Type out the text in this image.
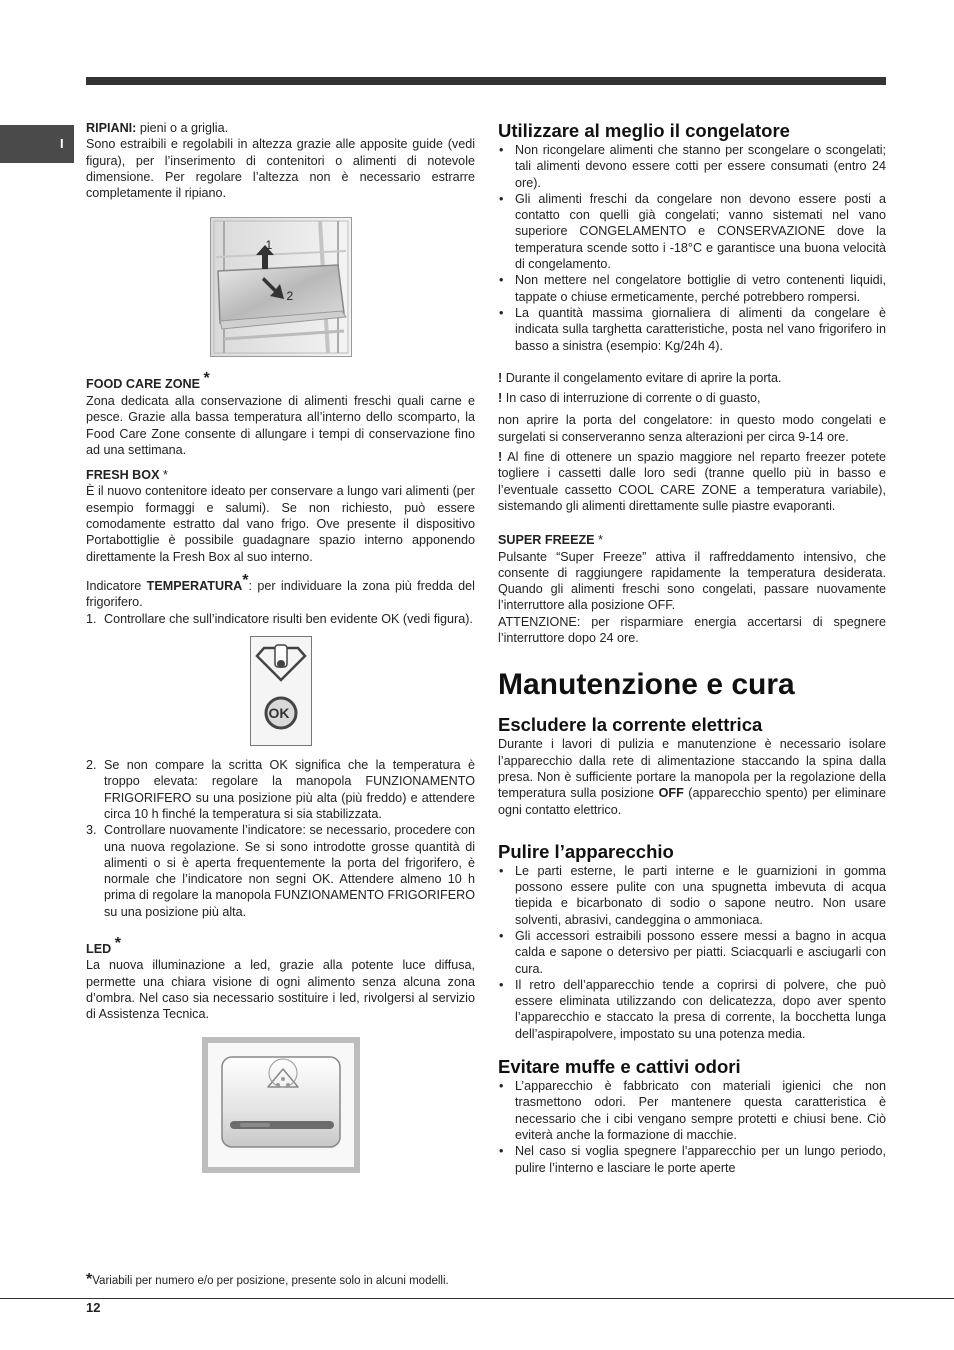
I

RIPIANI: pieni o a griglia.
Sono estraibili e regolabili in altezza grazie alle apposite guide (vedi figura), per l’inserimento di contenitori o alimenti di notevole dimensione. Per regolare l’altezza non è necessario estrarre completamente il ripiano.

1
2

FOOD CARE ZONE *

Zona dedicata alla conservazione di alimenti freschi quali carne e pesce. Grazie alla bassa temperatura all’interno dello scomparto, la Food Care Zone consente di allungare i tempi di conservazione fino ad una settimana.

FRESH BOX *

È il nuovo contenitore ideato per conservare a lungo vari alimenti (per esempio formaggi e salumi). Se non richiesto, può essere comodamente estratto dal vano frigo. Ove presente il dispositivo Portabottiglie è possibile guadagnare spazio interno apponendo direttamente la Fresh Box al suo interno.

Indicatore TEMPERATURA*: per individuare la zona più fredda del frigorifero.

1. Controllare che sull’indicatore risulti ben evidente OK (vedi figura).
OK
2. Se non compare la scritta OK significa che la temperatura è troppo elevata: regolare la manopola FUNZIONAMENTO FRIGORIFERO su una posizione più alta (più freddo) e attendere circa 10 h finché la temperatura si sia stabilizzata.
3. Controllare nuovamente l’indicatore: se necessario, procedere con una nuova regolazione. Se si sono introdotte grosse quantità di alimenti o si è aperta frequentemente la porta del frigorifero, è normale che l’indicatore non segni OK. Attendere almeno 10 h prima di regolare la manopola FUNZIONAMENTO FRIGORIFERO su una posizione più alta.

LED *

La nuova illuminazione a led, grazie alla potente luce diffusa, permette una chiara visione di ogni alimento senza alcuna zona d’ombra. Nel caso sia necessario sostituire i led, rivolgersi al servizio di Assistenza Tecnica.

Utilizzare al meglio il congelatore

• Non ricongelare alimenti che stanno per scongelare o scongelati; tali alimenti devono essere cotti per essere consumati (entro 24 ore).
• Gli alimenti freschi da congelare non devono essere posti a contatto con quelli già congelati; vanno sistemati nel vano superiore CONGELAMENTO e CONSERVAZIONE dove la temperatura scende sotto i -18°C e garantisce una buona velocità di congelamento.
• Non mettere nel congelatore bottiglie di vetro contenenti liquidi, tappate o chiuse ermeticamente, perché potrebbero rompersi.
• La quantità massima giornaliera di alimenti da congelare è indicata sulla targhetta caratteristiche, posta nel vano frigorifero in basso a sinistra (esempio: Kg/24h 4).

! Durante il congelamento evitare di aprire la porta.

! In caso di interruzione di corrente o di guasto,

non aprire la porta del congelatore: in questo modo congelati e surgelati si conserveranno senza alterazioni per circa 9-14 ore.

! Al fine di ottenere un spazio maggiore nel reparto freezer potete togliere i cassetti dalle loro sedi (tranne quello più in basso e l’eventuale cassetto COOL CARE ZONE a temperatura variabile), sistemando gli alimenti direttamente sulle piastre evaporanti.

SUPER FREEZE *

Pulsante “Super Freeze” attiva il raffreddamento intensivo, che consente di raggiungere rapidamente la temperatura desiderata. Quando gli alimenti freschi sono congelati, passare nuovamente l’interruttore alla posizione OFF.

ATTENZIONE: per risparmiare energia accertarsi di spegnere l’interruttore dopo 24 ore.

Manutenzione e cura

Escludere la corrente elettrica

Durante i lavori di pulizia e manutenzione è necessario isolare l’apparecchio dalla rete di alimentazione staccando la spina dalla presa. Non è sufficiente portare la manopola per la regolazione della temperatura sulla posizione OFF (apparecchio spento) per eliminare ogni contatto elettrico.

Pulire l’apparecchio

• Le parti esterne, le parti interne e le guarnizioni in gomma possono essere pulite con una spugnetta imbevuta di acqua tiepida e bicarbonato di sodio o sapone neutro. Non usare solventi, abrasivi, candeggina o ammoniaca.
• Gli accessori estraibili possono essere messi a bagno in acqua calda e sapone o detersivo per piatti. Sciacquarli e asciugarli con cura.
• Il retro dell’apparecchio tende a coprirsi di polvere, che può essere eliminata utilizzando con delicatezza, dopo aver spento l’apparecchio e staccato la presa di corrente, la bocchetta lunga dell’aspirapolvere, impostato su una potenza media.

Evitare muffe e cattivi odori

• L’apparecchio è fabbricato con materiali igienici che non trasmettono odori. Per mantenere questa caratteristica è necessario che i cibi vengano sempre protetti e chiusi bene. Ciò eviterà anche la formazione di macchie.
• Nel caso si voglia spegnere l’apparecchio per un lungo periodo, pulire l’interno e lasciare le porte aperte
*Variabili per numero e/o per posizione, presente solo in alcuni modelli.
12
